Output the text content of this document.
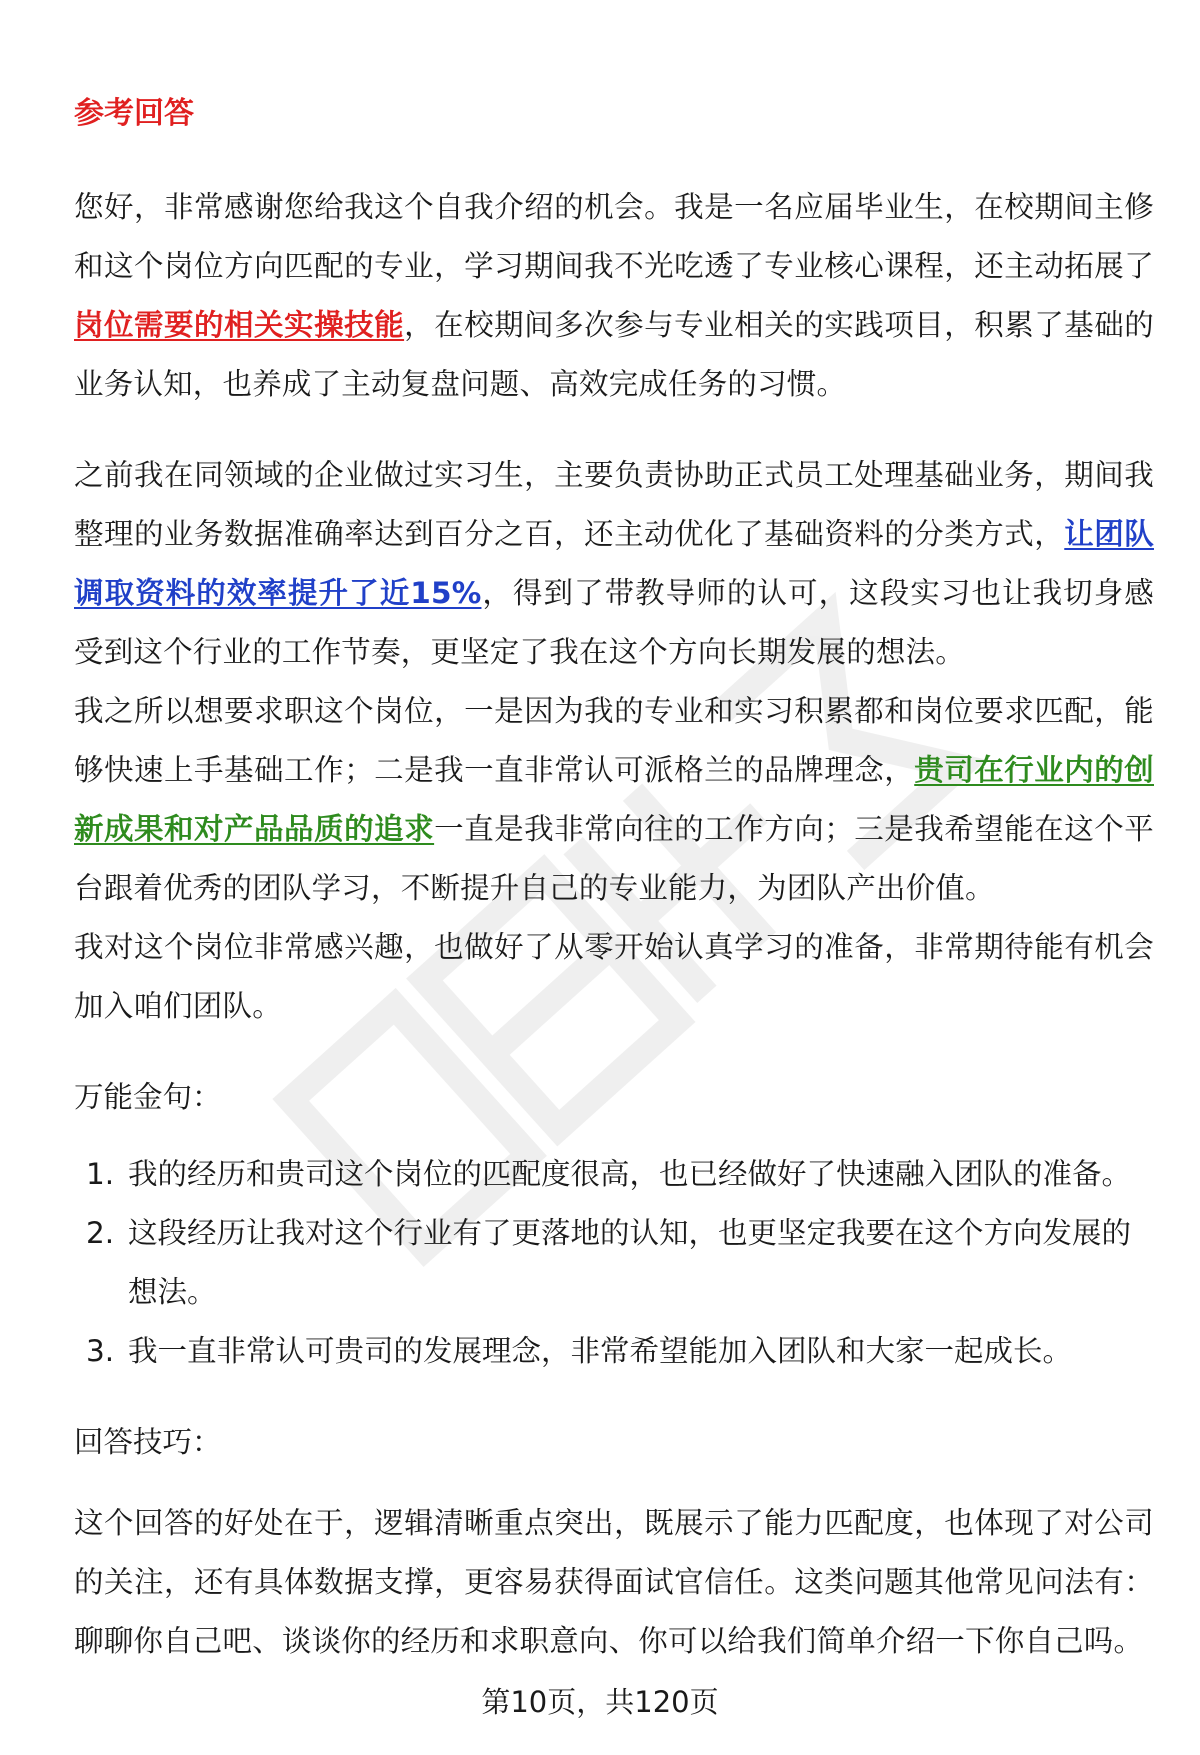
参考回答

您好，非常感谢您给我这个自我介绍的机会。我是一名应届毕业生，在校期间主修和这个岗位方向匹配的专业，学习期间我不光吃透了专业核心课程，还主动拓展了岗位需要的相关实操技能，在校期间多次参与专业相关的实践项目，积累了基础的业务认知，也养成了主动复盘问题、高效完成任务的习惯。

之前我在同领域的企业做过实习生，主要负责协助正式员工处理基础业务，期间我整理的业务数据准确率达到百分之百，还主动优化了基础资料的分类方式，让团队调取资料的效率提升了近15%，得到了带教导师的认可，这段实习也让我切身感受到这个行业的工作节奏，更坚定了我在这个方向长期发展的想法。

我之所以想要求职这个岗位，一是因为我的专业和实习积累都和岗位要求匹配，能够快速上手基础工作；二是我一直非常认可派格兰的品牌理念，贵司在行业内的创新成果和对产品品质的追求一直是我非常向往的工作方向；三是我希望能在这个平台跟着优秀的团队学习，不断提升自己的专业能力，为团队产出价值。

我对这个岗位非常感兴趣，也做好了从零开始认真学习的准备，非常期待能有机会加入咱们团队。

万能金句：

1. 我的经历和贵司这个岗位的匹配度很高，也已经做好了快速融入团队的准备。
2. 这段经历让我对这个行业有了更落地的认知，也更坚定我要在这个方向发展的想法。
3. 我一直非常认可贵司的发展理念，非常希望能加入团队和大家一起成长。

回答技巧：

这个回答的好处在于，逻辑清晰重点突出，既展示了能力匹配度，也体现了对公司的关注，还有具体数据支撑，更容易获得面试官信任。这类问题其他常见问法有：聊聊你自己吧、谈谈你的经历和求职意向、你可以给我们简单介绍一下你自己吗。

第10页，共120页
